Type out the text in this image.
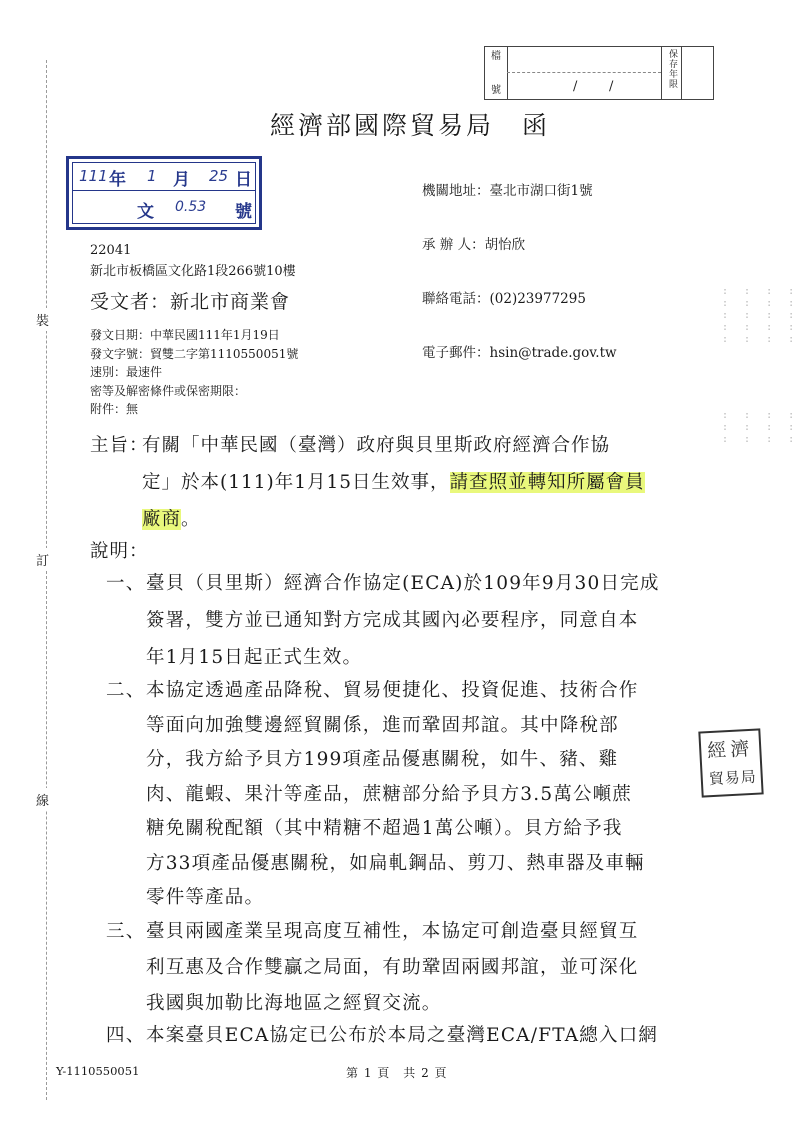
裝
訂
線
檔
號	/ /
保存年限
經濟部國際貿易局　函
111 年 1 月 25 日
文 0.53 號

機關地址：臺北市湖口街1號

承 辦 人：胡怡欣

聯絡電話：(02)23977295

電子郵件：hsin@trade.gov.tw

22041
新北市板橋區文化路1段266號10樓
受文者：新北市商業會
發文日期：中華民國111年1月19日
發文字號：貿雙二字第1110550051號
速別：最速件
密等及解密條件或保密期限：
附件：無
主旨：
有關「中華民國（臺灣）政府與貝里斯政府經濟合作協
定」於本(111)年1月15日生效事，請查照並轉知所屬會員
廠商。
說明：
一、 臺貝（貝里斯）經濟合作協定(ECA)於109年9月30日完成
簽署，雙方並已通知對方完成其國內必要程序，同意自本
年1月15日起正式生效。
二、 本協定透過產品降稅、貿易便捷化、投資促進、技術合作
等面向加強雙邊經貿關係，進而鞏固邦誼。其中降稅部
分，我方給予貝方199項產品優惠關稅，如牛、豬、雞
肉、龍蝦、果汁等產品，蔗糖部分給予貝方3.5萬公噸蔗
糖免關稅配額（其中精糖不超過1萬公噸）。貝方給予我
方33項產品優惠關稅，如扁軋鋼品、剪刀、熱車器及車輛
零件等產品。
三、 臺貝兩國產業呈現高度互補性，本協定可創造臺貝經貿互
利互惠及合作雙贏之局面，有助鞏固兩國邦誼，並可深化
我國與加勒比海地區之經貿交流。
四、 本案臺貝ECA協定已公布於本局之臺灣ECA/FTA總入口網
經濟
貿易局
: : : :
: : : :
: : : :
: : : :
: : : :
: : : :
: : : :
: : : :
Y-1110550051	第 1 頁　共 2 頁
